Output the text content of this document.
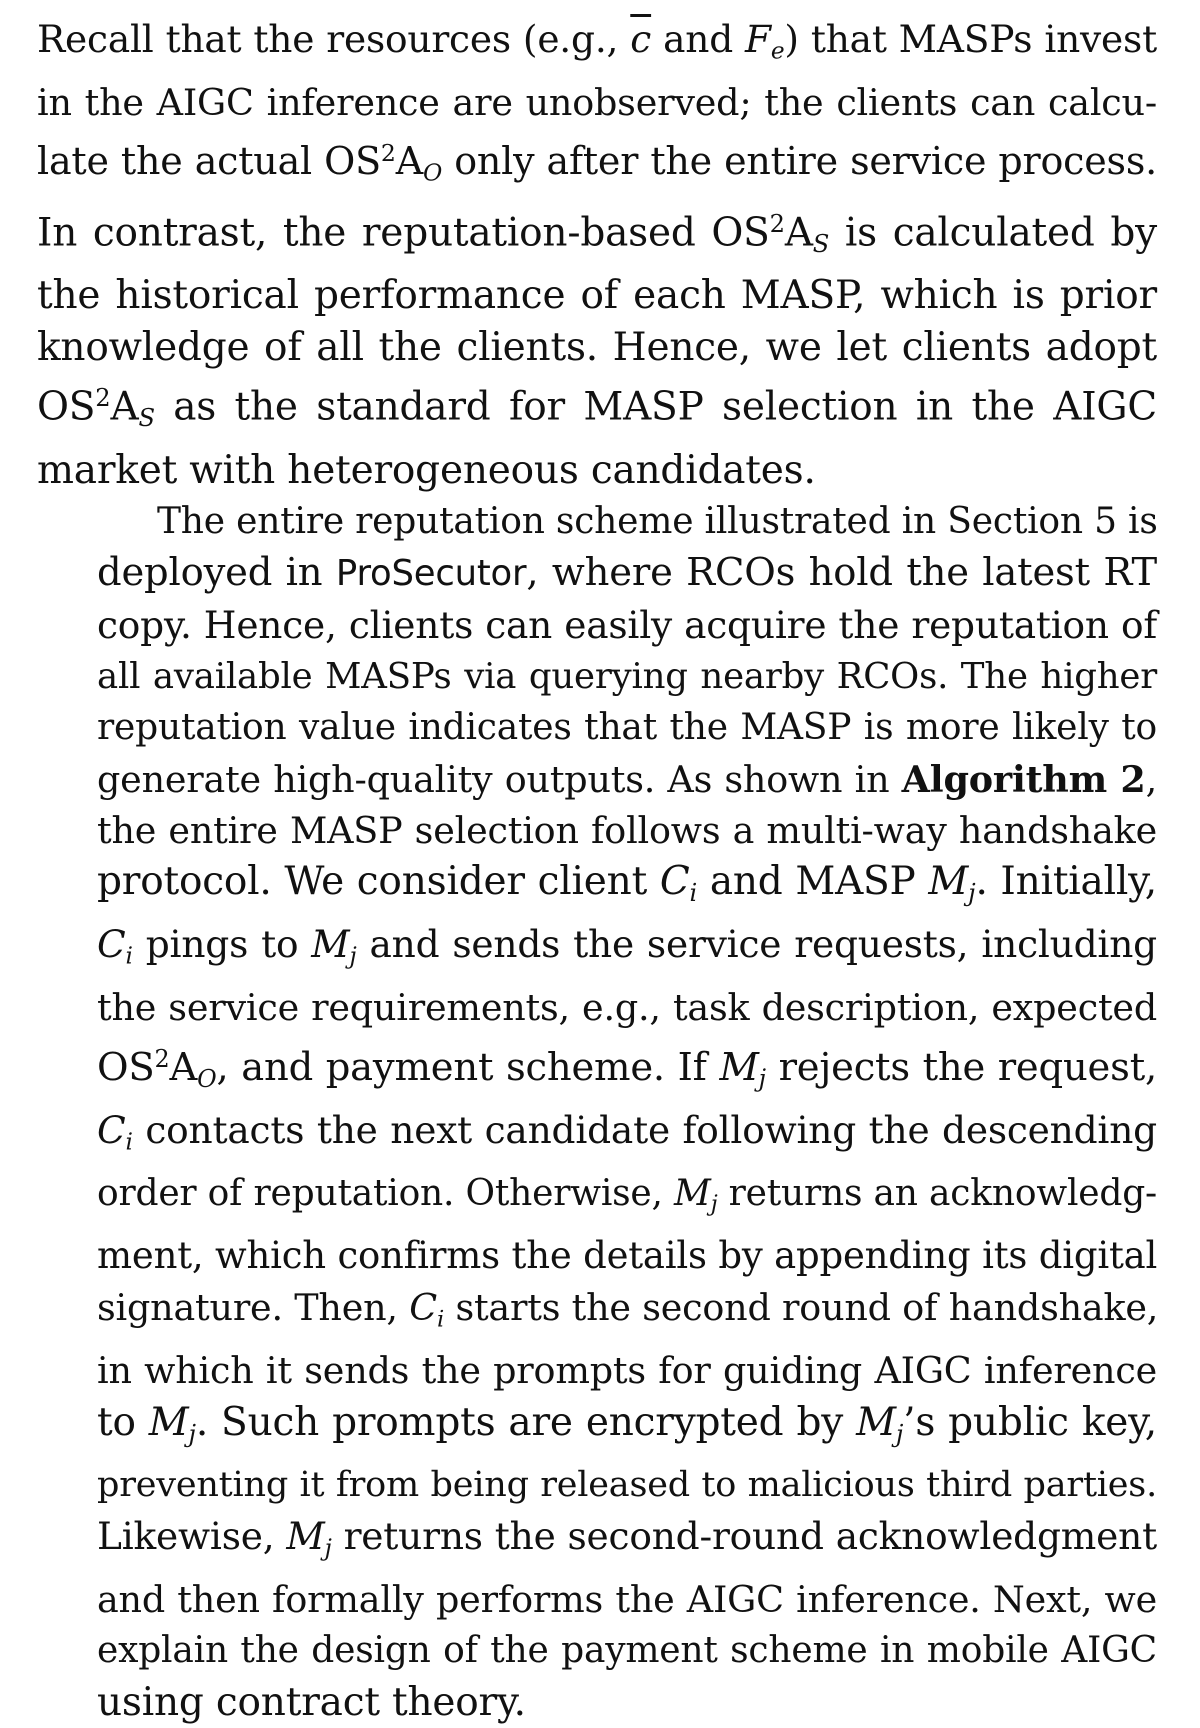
Recall that the resources (e.g., $\overline{c}$ and $F_e$) that MASPs invest
in the AIGC inference are unobserved; the clients can calcu-
late the actual $OS^2A_O$ only after the entire service process.
In contrast, the reputation-based $OS^2A_S$ is calculated by
the historical performance of each MASP, which is prior
knowledge of all the clients. Hence, we let clients adopt
$OS^2A_S$ as the standard for MASP selection in the AIGC
market with heterogeneous candidates.

The entire reputation scheme illustrated in Section 5 is
deployed in ProSecutor, where RCOs hold the latest RT
copy. Hence, clients can easily acquire the reputation of
all available MASPs via querying nearby RCOs. The higher
reputation value indicates that the MASP is more likely to
generate high-quality outputs. As shown in Algorithm 2,
the entire MASP selection follows a multi-way handshake
protocol. We consider client $C_i$ and MASP $M_j$. Initially,
$C_i$ pings to $M_j$ and sends the service requests, including
the service requirements, e.g., task description, expected
$OS^2A_O$, and payment scheme. If $M_j$ rejects the request,
$C_i$ contacts the next candidate following the descending
order of reputation. Otherwise, $M_j$ returns an acknowledg-
ment, which confirms the details by appending its digital
signature. Then, $C_i$ starts the second round of handshake,
in which it sends the prompts for guiding AIGC inference
to $M_j$. Such prompts are encrypted by $M_j’s$ public key,
preventing it from being released to malicious third parties.
Likewise, $M_j$ returns the second-round acknowledgment
and then formally performs the AIGC inference. Next, we
explain the design of the payment scheme in mobile AIGC
using contract theory.
